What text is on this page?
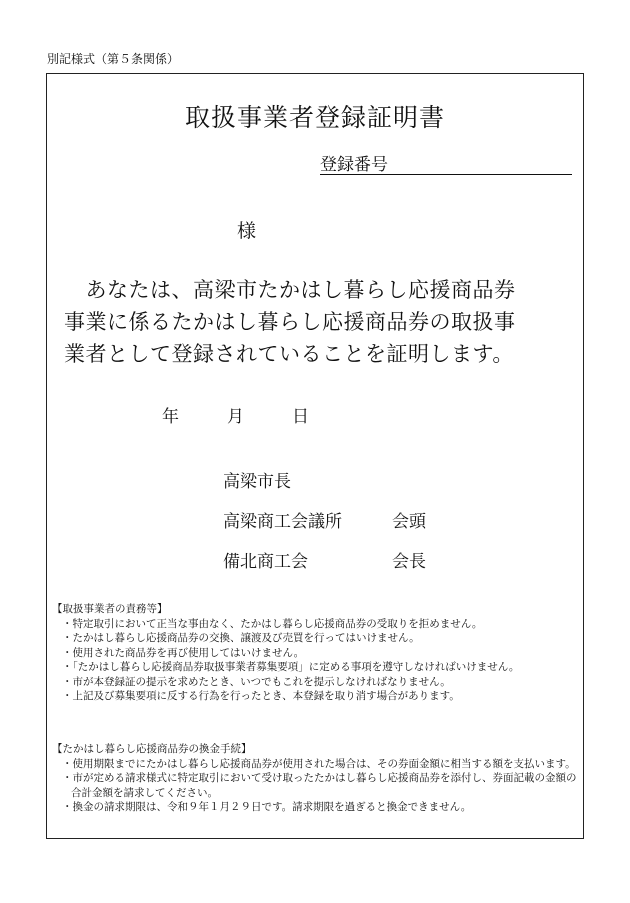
別記様式（第５条関係）
取扱事業者登録証明書
登録番号
様
　あなたは、高梁市たかはし暮らし応援商品券
事業に係るたかはし暮らし応援商品券の取扱事
業者として登録されていることを証明します。
年	月	日
高梁市長
高梁商工会議所	会頭
備北商工会	会長
【取扱事業者の責務等】
・特定取引において正当な事由なく、たかはし暮らし応援商品券の受取りを拒めません。
・たかはし暮らし応援商品券の交換、譲渡及び売買を行ってはいけません。
・使用された商品券を再び使用してはいけません。
・「たかはし暮らし応援商品券取扱事業者募集要項」に定める事項を遵守しなければいけません。
・市が本登録証の提示を求めたとき、いつでもこれを提示しなければなりません。
・上記及び募集要項に反する行為を行ったとき、本登録を取り消す場合があります。
【たかはし暮らし応援商品券の換金手続】
・使用期限までにたかはし暮らし応援商品券が使用された場合は、その券面金額に相当する額を支払います。
・市が定める請求様式に特定取引において受け取ったたかはし暮らし応援商品券を添付し、券面記載の金額の合計金額を請求してください。
・換金の請求期限は、令和９年１月２９日です。請求期限を過ぎると換金できません。
